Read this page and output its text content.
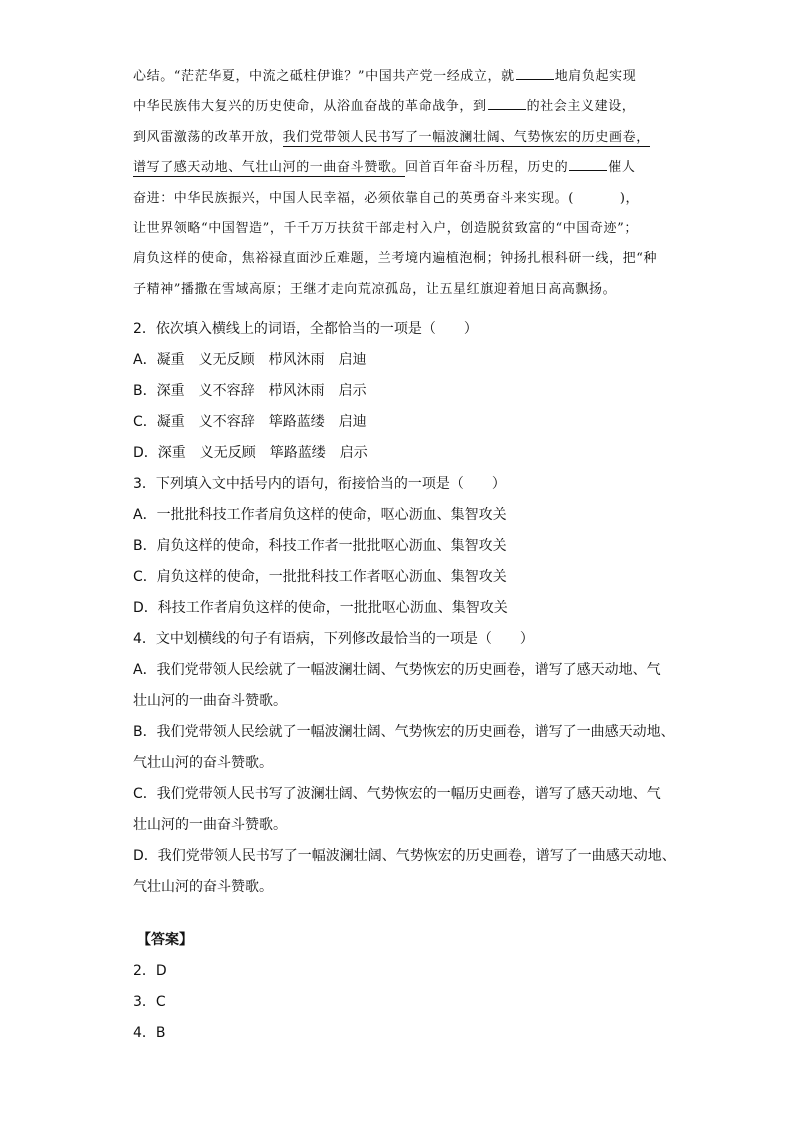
心结。“茫茫华夏，中流之砥柱伊谁？”中国共产党一经成立，就	地肩负起实现
中华民族伟大复兴的历史使命，从浴血奋战的革命战争，到	的社会主义建设，
到风雷激荡的改革开放，我们党带领人民书写了一幅波澜壮阔、气势恢宏的历史画卷，
谱写了感天动地、气壮山河的一曲奋斗赞歌。回首百年奋斗历程，历史的	催人
奋进：中华民族振兴，中国人民幸福，必须依靠自己的英勇奋斗来实现。(	)，
让世界领略“中国智造”，千千万万扶贫干部走村入户，创造脱贫致富的“中国奇迹”；
肩负这样的使命，焦裕禄直面沙丘难题，兰考境内遍植泡桐；钟扬扎根科研一线，把“种
子精神”播撒在雪域高原；王继才走向荒凉孤岛，让五星红旗迎着旭日高高飘扬。
2．依次填入横线上的词语，全都恰当的一项是（　　）
A．凝重 义无反顾 栉风沐雨 启迪
B．深重 义不容辞 栉风沐雨 启示
C．凝重 义不容辞 筚路蓝缕 启迪
D．深重 义无反顾 筚路蓝缕 启示
3．下列填入文中括号内的语句，衔接恰当的一项是（　　）
A．一批批科技工作者肩负这样的使命，呕心沥血、集智攻关
B．肩负这样的使命，科技工作者一批批呕心沥血、集智攻关
C．肩负这样的使命，一批批科技工作者呕心沥血、集智攻关
D．科技工作者肩负这样的使命，一批批呕心沥血、集智攻关
4．文中划横线的句子有语病，下列修改最恰当的一项是（　　）
A．我们党带领人民绘就了一幅波澜壮阔、气势恢宏的历史画卷，谱写了感天动地、气
壮山河的一曲奋斗赞歌。
B．我们党带领人民绘就了一幅波澜壮阔、气势恢宏的历史画卷，谱写了一曲感天动地、
气壮山河的奋斗赞歌。
C．我们党带领人民书写了波澜壮阔、气势恢宏的一幅历史画卷，谱写了感天动地、气
壮山河的一曲奋斗赞歌。
D．我们党带领人民书写了一幅波澜壮阔、气势恢宏的历史画卷，谱写了一曲感天动地、
气壮山河的奋斗赞歌。
【答案】
2．D
3．C
4．B
